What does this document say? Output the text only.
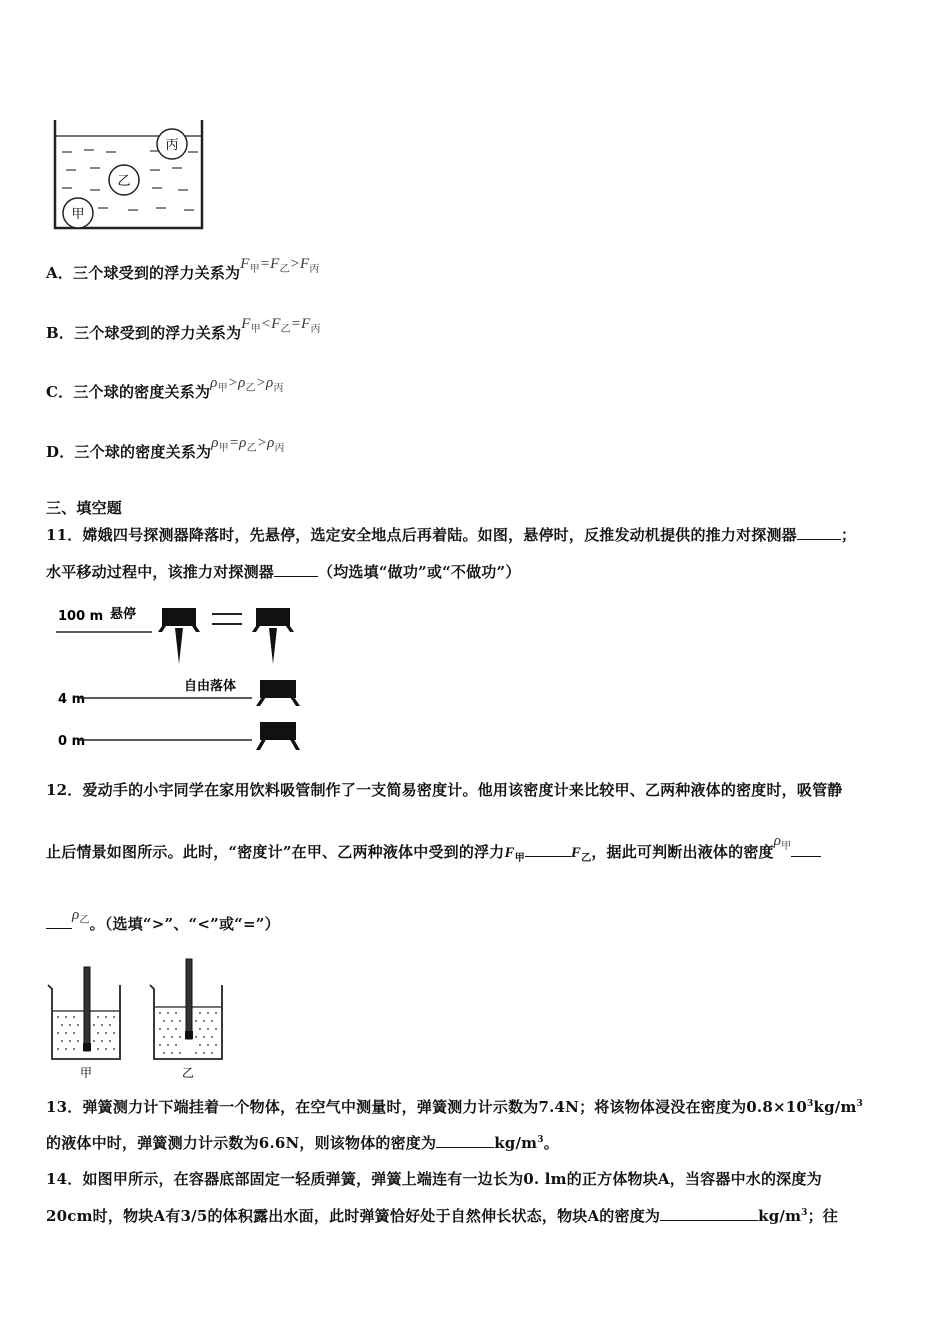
丙
乙
甲
A．三个球受到的浮力关系为$F_甲=F_乙>F_丙$
B．三个球受到的浮力关系为$F_甲<F_乙=F_丙$
C．三个球的密度关系为$\rho_甲>\rho_乙>\rho_丙$
D．三个球的密度关系为$\rho_甲=\rho_乙>\rho_丙$
三、填空题
11．嫦娥四号探测器降落时，先悬停，选定安全地点后再着陆。如图，悬停时，反推发动机提供的推力对探测器	；
水平移动过程中，该推力对探测器	（均选填“做功”或“不做功”）
100 m 悬停
4 m
自由落体
0 m
12．爱动手的小宇同学在家用饮料吸管制作了一支简易密度计。他用该密度计来比较甲、乙两种液体的密度时，吸管静
止后情景如图所示。此时，“密度计”在甲、乙两种液体中受到的浮力$F_甲$	$F_乙$，据此可判断出液体的密度$\rho_甲$
$\rho_乙$。（选填“>”、“<”或“=”）
甲	乙
13．弹簧测力计下端挂着一个物体，在空气中测量时，弹簧测力计示数为7.4N；将该物体浸没在密度为$0.8\times 10^3kg/m^3$
的液体中时，弹簧测力计示数为6.6N，则该物体的密度为	$kg/m^3$。
14．如图甲所示，在容器底部固定一轻质弹簧，弹簧上端连有一边长为0. lm的正方体物块A，当容器中水的深度为
20cm时，物块A有3/5的体积露出水面，此时弹簧恰好处于自然伸长状态，物块A的密度为	$kg/m^3$；往
